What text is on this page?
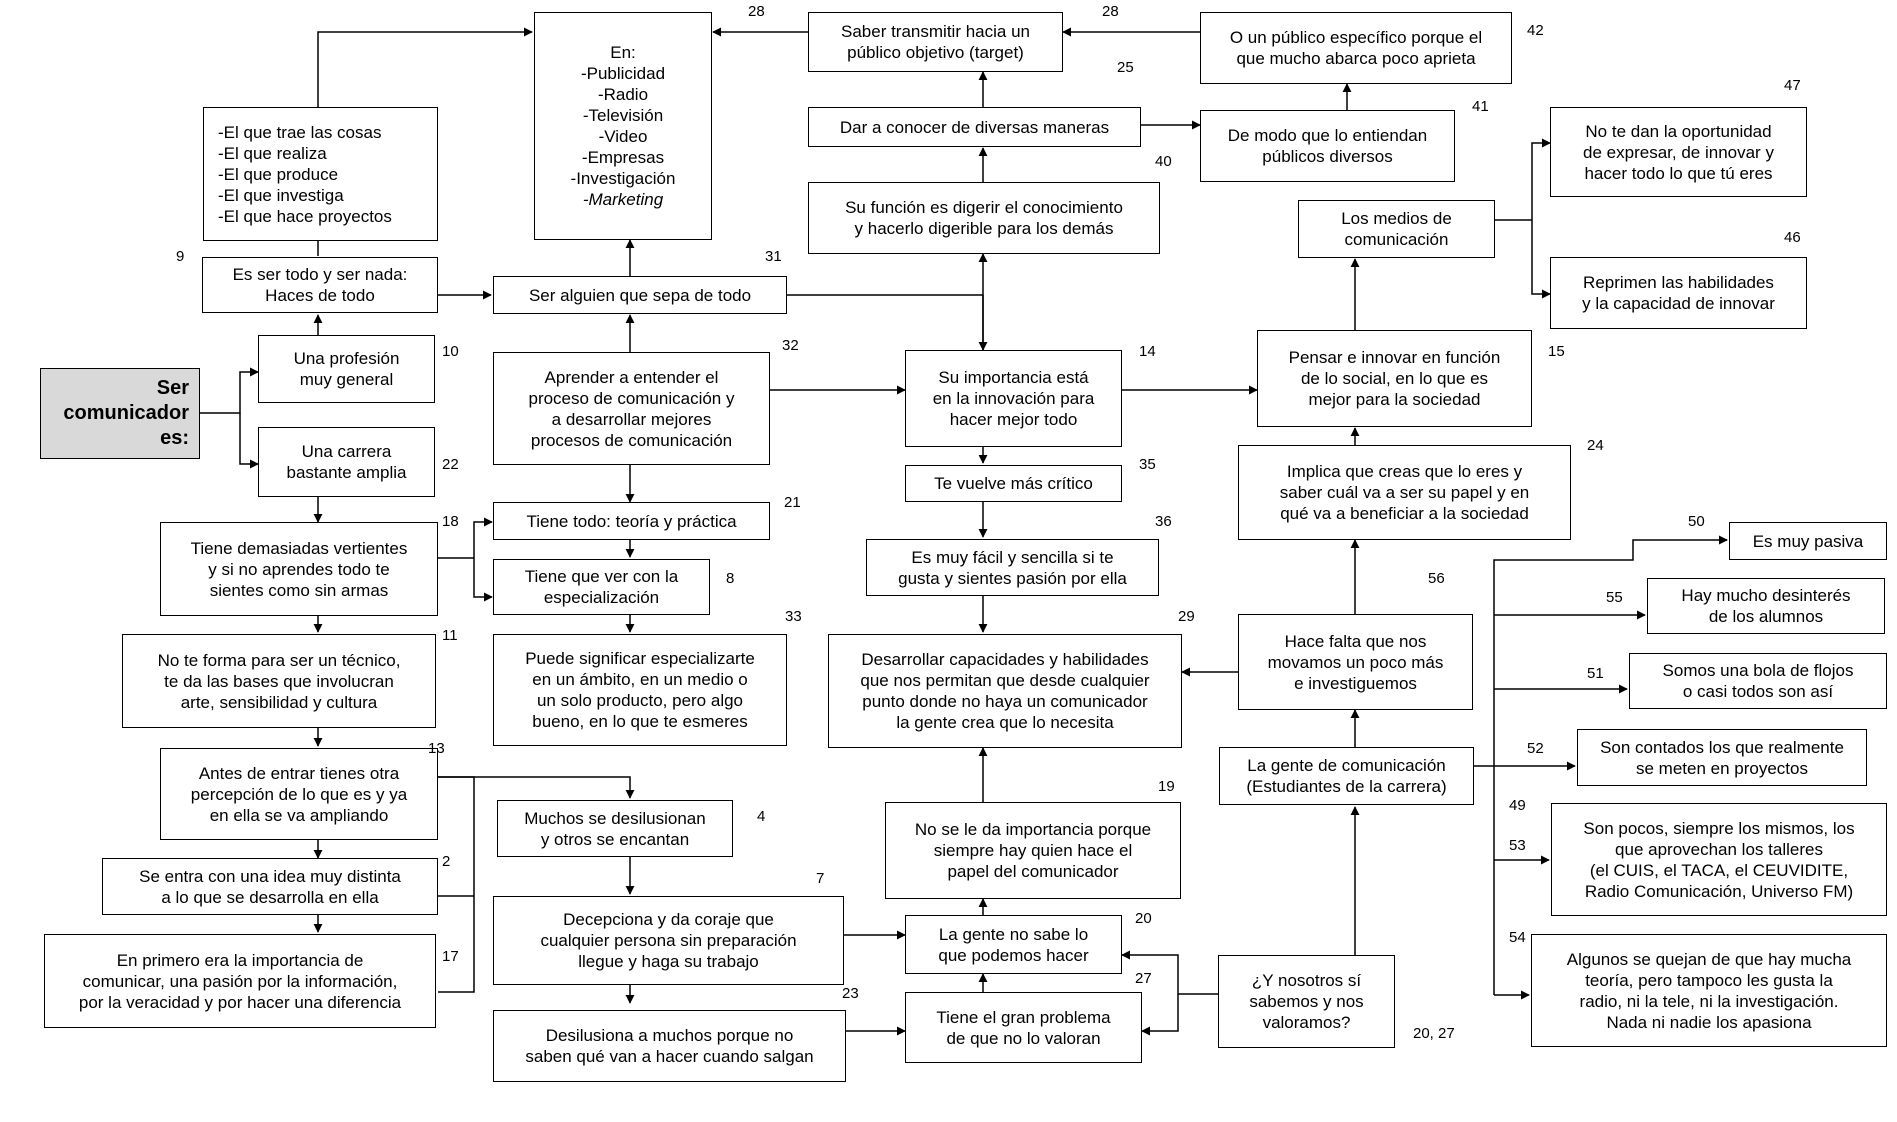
Ser
comunicador
es:
En:
-Publicidad
-Radio
-Televisión
-Video
-Empresas
-Investigación
-Marketing
Saber transmitir hacia un
público objetivo (target)
O un público específico porque el
que mucho abarca poco aprieta
Dar a conocer de diversas maneras	De modo que lo entiendan
públicos diversos
-El que trae las cosas
-El que realiza
-El que produce
-El que investiga
-El que hace proyectos	Su función es digerir el conocimiento
y hacerlo digerible para los demás
No te dan la oportunidad
de expresar, de innovar y
hacer todo lo que tú eres
Los medios de
comunicación
Reprimen las habilidades
y la capacidad de innovar
Es ser todo y ser nada:
Haces de todo	Ser alguien que sepa de todo
Una profesión
muy general	Aprender a entender el
proceso de comunicación y
a desarrollar mejores
procesos de comunicación
Su importancia está
en la innovación para
hacer mejor todo
Pensar e innovar en función
de lo social, en lo que es
mejor para la sociedad
Una carrera
bastante amplia
Te vuelve más crítico
Implica que creas que lo eres y
saber cuál va a ser su papel y en
qué va a beneficiar a la sociedad
Tiene demasiadas vertientes
y si no aprendes todo te
sientes como sin armas
Tiene todo: teoría y práctica
Es muy fácil y sencilla si te
gusta y sientes pasión por ella
Es muy pasiva
Tiene que ver con la
especialización	Hay mucho desinterés
de los alumnos
No te forma para ser un técnico,
te da las bases que involucran
arte, sensibilidad y cultura
Puede significar especializarte
en un ámbito, en un medio o
un solo producto, pero algo
bueno, en lo que te esmeres
Desarrollar capacidades y habilidades
que nos permitan que desde cualquier
punto donde no haya un comunicador
la gente crea que lo necesita
Hace falta que nos
movamos un poco más
e investiguemos
Somos una bola de flojos
o casi todos son así
Antes de entrar tienes otra
percepción de lo que es y ya
en ella se va ampliando
La gente de comunicación
(Estudiantes de la carrera)
Son contados los que realmente
se meten en proyectos
Muchos se desilusionan
y otros se encantan	No se le da importancia porque
siempre hay quien hace el
papel del comunicador
Son pocos, siempre los mismos, los
que aprovechan los talleres
(el CUIS, el TACA, el CEUVIDITE,
Radio Comunicación, Universo FM)
Se entra con una idea muy distinta
a lo que se desarrolla en ella
Decepciona y da coraje que
cualquier persona sin preparación
llegue y haga su trabajo
La gente no sabe lo
que podemos hacer
En primero era la importancia de
comunicar, una pasión por la información,
por la veracidad y por hacer una diferencia
Algunos se quejan de que hay mucha
teoría, pero tampoco les gusta la
radio, ni la tele, ni la investigación.
Nada ni nadie los apasiona
¿Y nosotros sí
sabemos y nos
valoramos?
Tiene el gran problema
de que no lo valoran
Desilusiona a muchos porque no
saben qué van a hacer cuando salgan
28	28
42
25
41
40
47
46
9	31
10	32	14	15
22	35
24
18
21
36	50
8	56
55
11
33	29
51
13	52
49
4
19
53
2
7
20
17
27
54
23
20, 27
